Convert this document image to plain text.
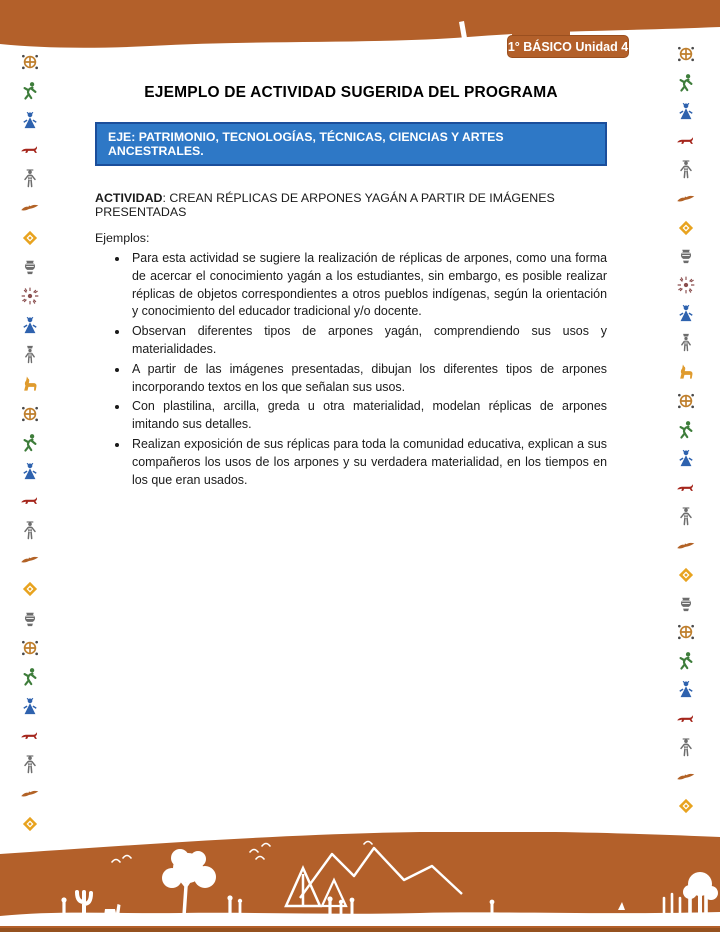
1° BÁSICO Unidad 4
EJEMPLO DE ACTIVIDAD SUGERIDA DEL PROGRAMA
EJE: PATRIMONIO, TECNOLOGÍAS, TÉCNICAS, CIENCIAS Y ARTES ANCESTRALES.

ACTIVIDAD: CREAN RÉPLICAS DE ARPONES YAGÁN A PARTIR DE IMÁGENES PRESENTADAS

Ejemplos:

• Para esta actividad se sugiere la realización de réplicas de arpones, como una forma de acercar el conocimiento yagán a los estudiantes, sin embargo, es posible realizar réplicas de objetos correspondientes a otros pueblos indígenas, según la orientación y conocimiento del educador tradicional y/o docente.
• Observan diferentes tipos de arpones yagán, comprendiendo sus usos y materialidades.
• A partir de las imágenes presentadas, dibujan los diferentes tipos de arpones incorporando textos en los que señalan sus usos.
• Con plastilina, arcilla, greda u otra materialidad, modelan réplicas de arpones imitando sus detalles.
• Realizan exposición de sus réplicas para toda la comunidad educativa, explican a sus compañeros los usos de los arpones y su verdadera materialidad, en los tiempos en los que eran usados.
